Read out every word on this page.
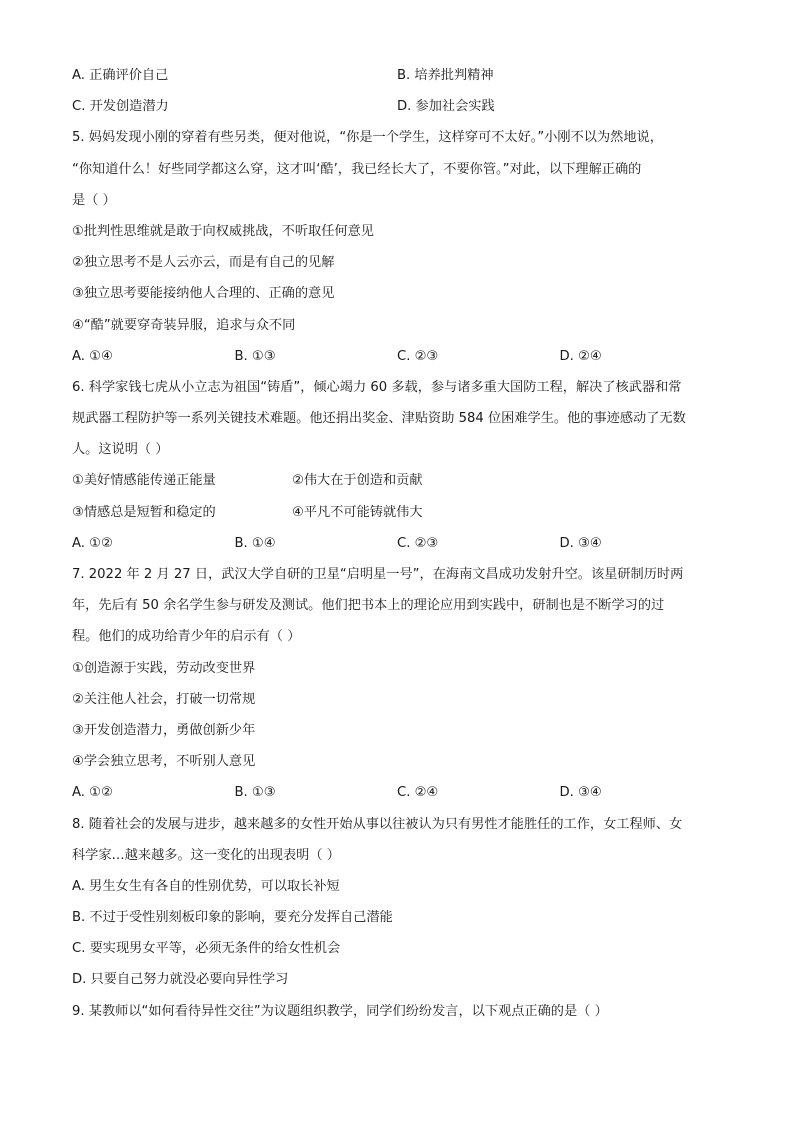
A. 正确评价自己	B. 培养批判精神
C. 开发创造潜力	D. 参加社会实践
5. 妈妈发现小刚的穿着有些另类，便对他说，“你是一个学生，这样穿可不太好。”小刚不以为然地说，
“你知道什么！好些同学都这么穿，这才叫‘酷’，我已经长大了，不要你管。”对此，以下理解正确的
是（ ）
①批判性思维就是敢于向权威挑战，不听取任何意见
②独立思考不是人云亦云，而是有自己的见解
③独立思考要能接纳他人合理的、正确的意见
④“酷”就要穿奇装异服，追求与众不同
A. ①④	B. ①③	C. ②③	D. ②④
6. 科学家钱七虎从小立志为祖国“铸盾”，倾心竭力 60 多载，参与诸多重大国防工程，解决了核武器和常
规武器工程防护等一系列关键技术难题。他还捐出奖金、津贴资助 584 位困难学生。他的事迹感动了无数
人。这说明（ ）
①美好情感能传递正能量	②伟大在于创造和贡献
③情感总是短暂和稳定的	④平凡不可能铸就伟大
A. ①②	B. ①④	C. ②③	D. ③④
7. 2022 年 2 月 27 日，武汉大学自研的卫星“启明星一号”，在海南文昌成功发射升空。该星研制历时两
年，先后有 50 余名学生参与研发及测试。他们把书本上的理论应用到实践中，研制也是不断学习的过
程。他们的成功给青少年的启示有（ ）
①创造源于实践，劳动改变世界
②关注他人社会，打破一切常规
③开发创造潜力，勇做创新少年
④学会独立思考，不听别人意见
A. ①②	B. ①③	C. ②④	D. ③④
8. 随着社会的发展与进步，越来越多的女性开始从事以往被认为只有男性才能胜任的工作，女工程师、女
科学家…越来越多。这一变化的出现表明（ ）
A. 男生女生有各自的性别优势，可以取长补短
B. 不过于受性别刻板印象的影响，要充分发挥自己潜能
C. 要实现男女平等，必须无条件的给女性机会
D. 只要自己努力就没必要向异性学习
9. 某教师以“如何看待异性交往”为议题组织教学，同学们纷纷发言，以下观点正确的是（ ）
